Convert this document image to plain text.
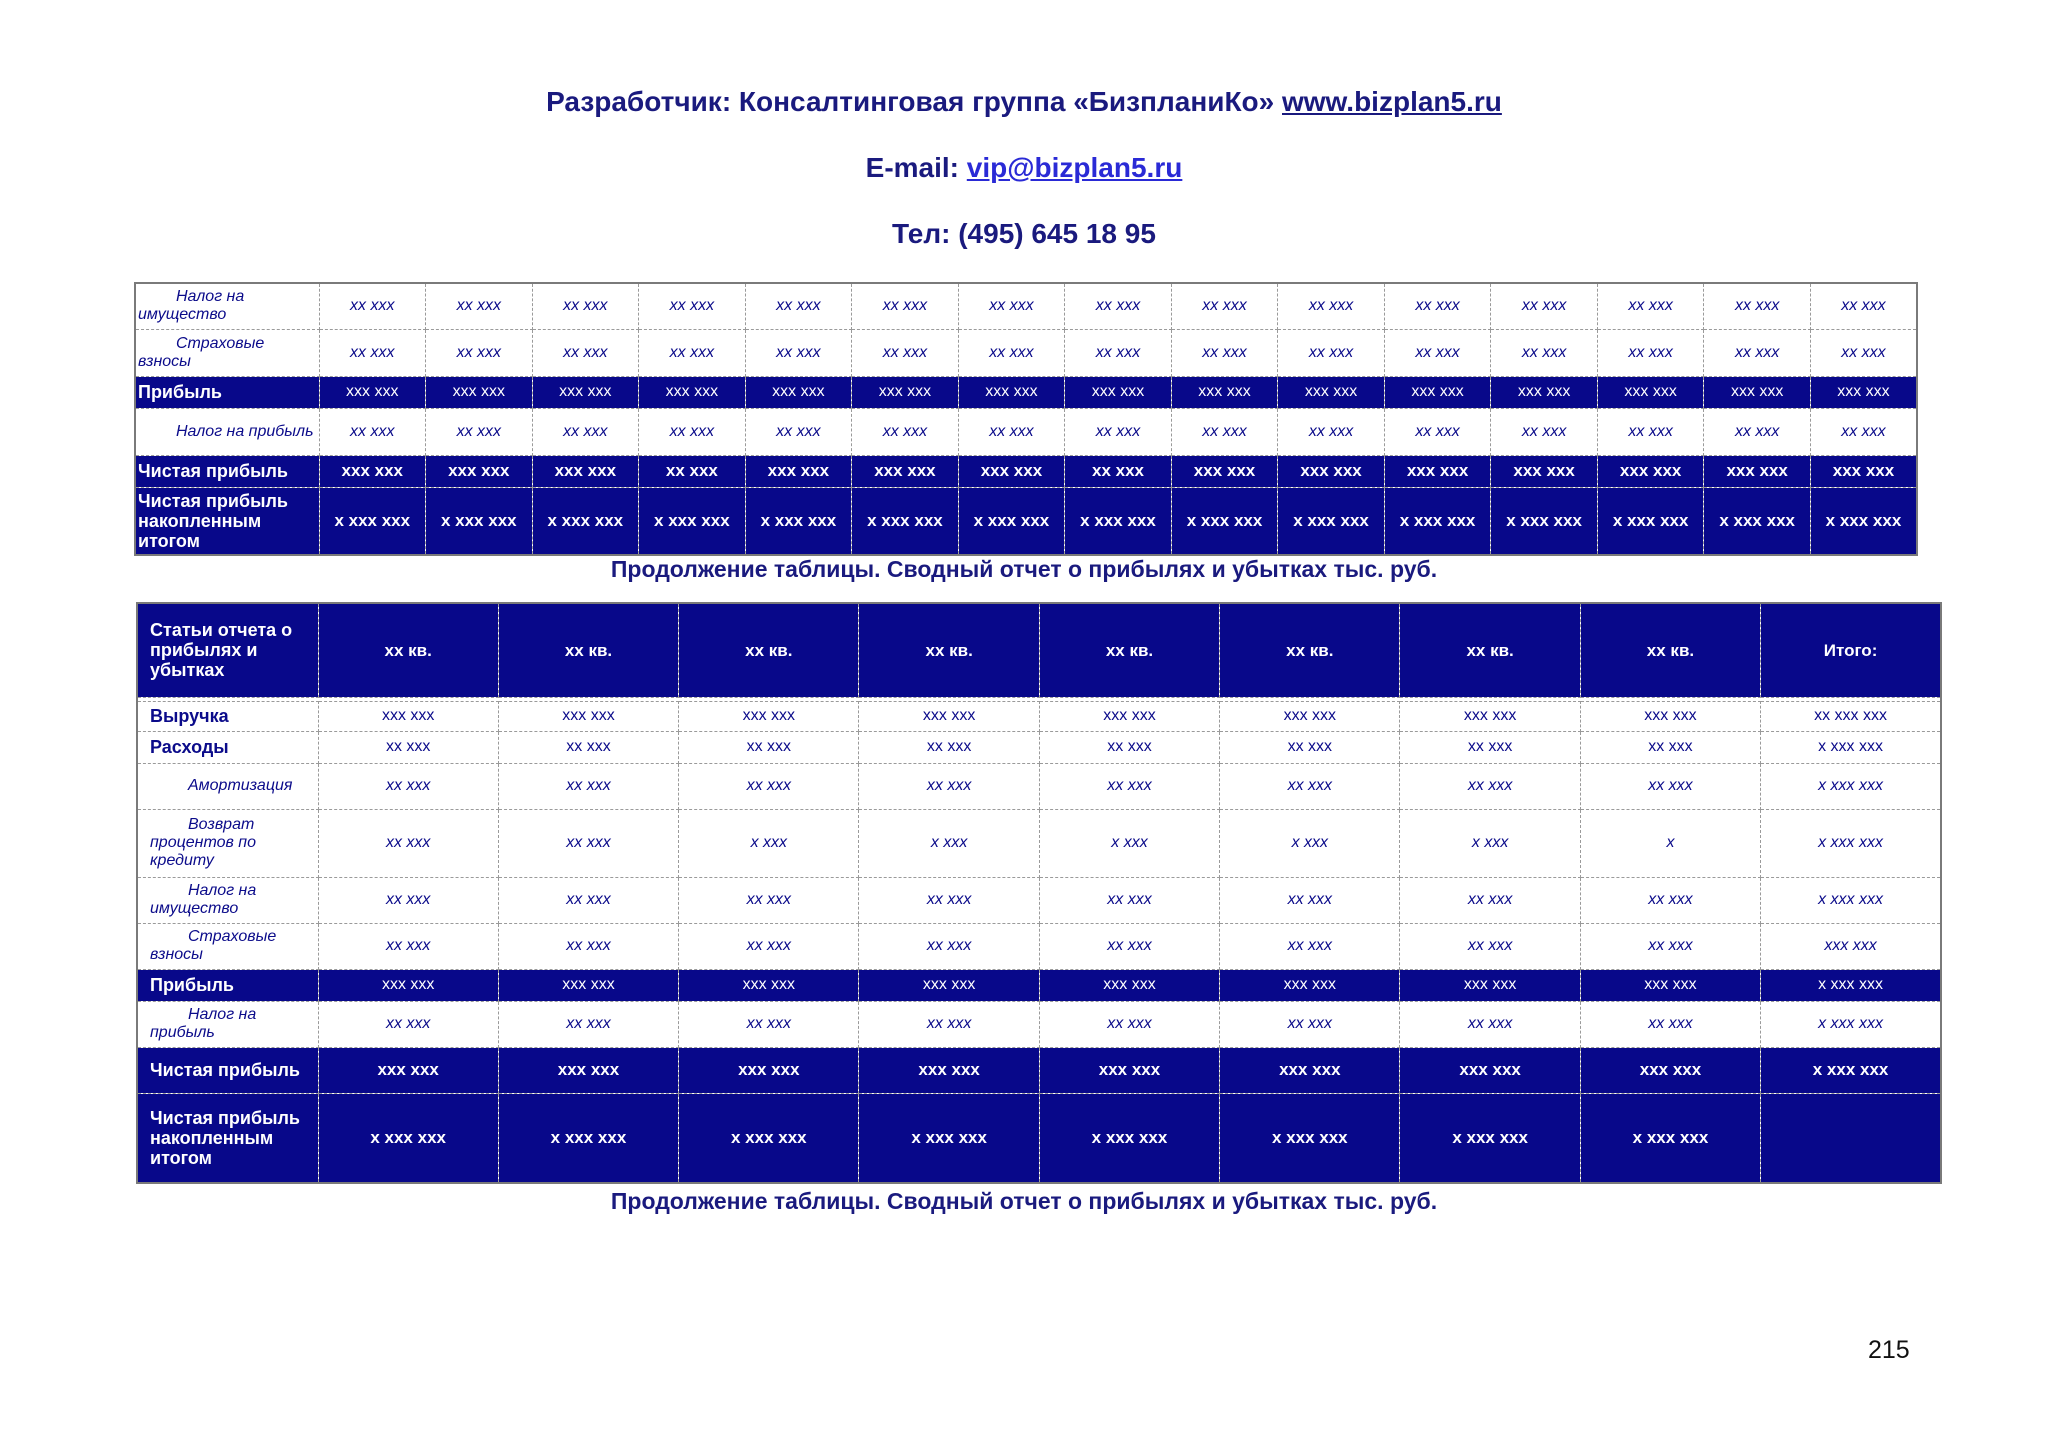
Разработчик: Консалтинговая группа «БизпланиКо» www.bizplan5.ru
E-mail: vip@bizplan5.ru
Тел: (495) 645 18 95
Налог на имущество	xx xxx	xx xxx	xx xxx	xx xxx	xx xxx	xx xxx	xx xxx	xx xxx	xx xxx	xx xxx	xx xxx	xx xxx	xx xxx	xx xxx	xx xxx
Страховые взносы	xx xxx	xx xxx	xx xxx	xx xxx	xx xxx	xx xxx	xx xxx	xx xxx	xx xxx	xx xxx	xx xxx	xx xxx	xx xxx	xx xxx	xx xxx
Прибыль	xxx xxx	xxx xxx	xxx xxx	xxx xxx	xxx xxx	xxx xxx	xxx xxx	xxx xxx	xxx xxx	xxx xxx	xxx xxx	xxx xxx	xxx xxx	xxx xxx	xxx xxx
Налог на прибыль	xx xxx	xx xxx	xx xxx	xx xxx	xx xxx	xx xxx	xx xxx	xx xxx	xx xxx	xx xxx	xx xxx	xx xxx	xx xxx	xx xxx	xx xxx
Чистая прибыль	xxx xxx	xxx xxx	xxx xxx	xx xxx	xxx xxx	xxx xxx	xxx xxx	xx xxx	xxx xxx	xxx xxx	xxx xxx	xxx xxx	xxx xxx	xxx xxx	xxx xxx
Чистая прибыль накопленным итогом	x xxx xxx	x xxx xxx	x xxx xxx	x xxx xxx	x xxx xxx	x xxx xxx	x xxx xxx	x xxx xxx	x xxx xxx	x xxx xxx	x xxx xxx	x xxx xxx	x xxx xxx	x xxx xxx	x xxx xxx
Продолжение таблицы. Сводный отчет о прибылях и убытках тыс. руб.
Статьи отчета о прибылях и убытках	xx кв.	xx кв.	xx кв.	xx кв.	xx кв.	xx кв.	xx кв.	xx кв.	Итого:

Выручка	xxx xxx	xxx xxx	xxx xxx	xxx xxx	xxx xxx	xxx xxx	xxx xxx	xxx xxx	xx xxx xxx
Расходы	xx xxx	xx xxx	xx xxx	xx xxx	xx xxx	xx xxx	xx xxx	xx xxx	x xxx xxx
Амортизация	xx xxx	xx xxx	xx xxx	xx xxx	xx xxx	xx xxx	xx xxx	xx xxx	x xxx xxx
Возврат процентов по кредиту	xx xxx	xx xxx	x xxx	x xxx	x xxx	x xxx	x xxx	x	x xxx xxx
Налог на имущество	xx xxx	xx xxx	xx xxx	xx xxx	xx xxx	xx xxx	xx xxx	xx xxx	x xxx xxx
Страховые взносы	xx xxx	xx xxx	xx xxx	xx xxx	xx xxx	xx xxx	xx xxx	xx xxx	xxx xxx
Прибыль	xxx xxx	xxx xxx	xxx xxx	xxx xxx	xxx xxx	xxx xxx	xxx xxx	xxx xxx	x xxx xxx
Налог на прибыль	xx xxx	xx xxx	xx xxx	xx xxx	xx xxx	xx xxx	xx xxx	xx xxx	x xxx xxx
Чистая прибыль	xxx xxx	xxx xxx	xxx xxx	xxx xxx	xxx xxx	xxx xxx	xxx xxx	xxx xxx	x xxx xxx
Чистая прибыль накопленным итогом	x xxx xxx	x xxx xxx	x xxx xxx	x xxx xxx	x xxx xxx	x xxx xxx	x xxx xxx	x xxx xxx	
Продолжение таблицы. Сводный отчет о прибылях и убытках тыс. руб.
215
